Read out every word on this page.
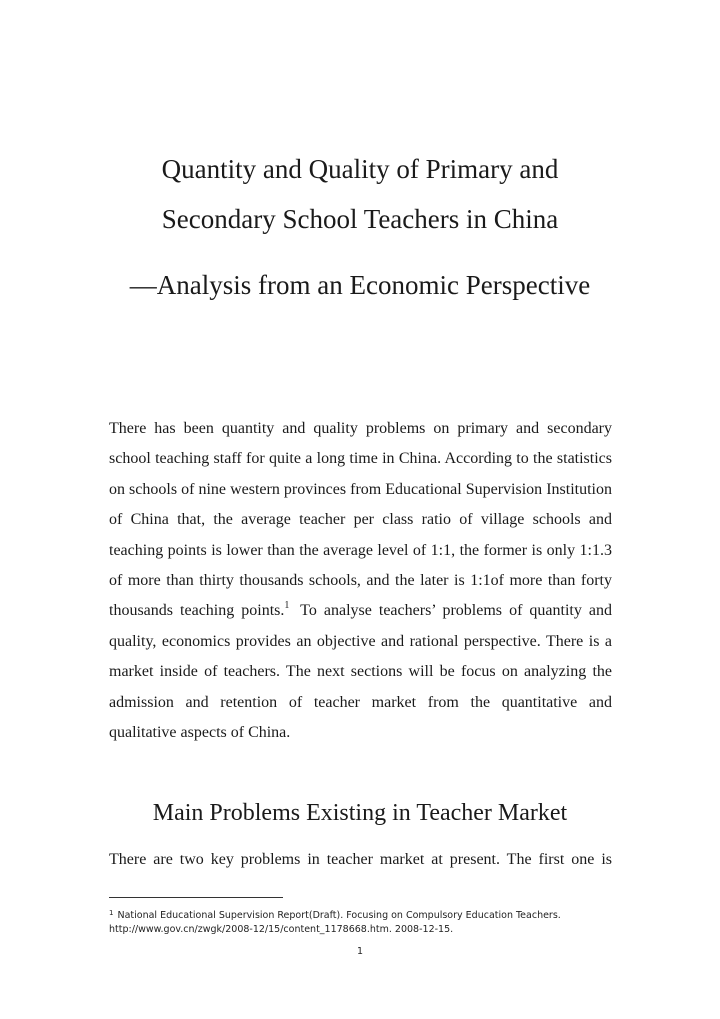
Quantity and Quality of Primary and
Secondary School Teachers in China
—Analysis from an Economic Perspective

There has been quantity and quality problems on primary and secondary school teaching staff for quite a long time in China. According to the statistics on schools of nine western provinces from Educational Supervision Institution of China that, the average teacher per class ratio of village schools and teaching points is lower than the average level of 1:1, the former is only 1:1.3 of more than thirty thousands schools, and the later is 1:1of more than forty thousands teaching points.$^1$ To analyse teachers’ problems of quantity and quality, economics provides an objective and rational perspective. There is a market inside of teachers. The next sections will be focus on analyzing the admission and retention of teacher market from the quantitative and qualitative aspects of China.

Main Problems Existing in Teacher Market

There are two key problems in teacher market at present. The first one is

$^1$ National Educational Supervision Report(Draft). Focusing on Compulsory Education Teachers.
http://www.gov.cn/zwgk/2008-12/15/content_1178668.htm. 2008-12-15.
1
